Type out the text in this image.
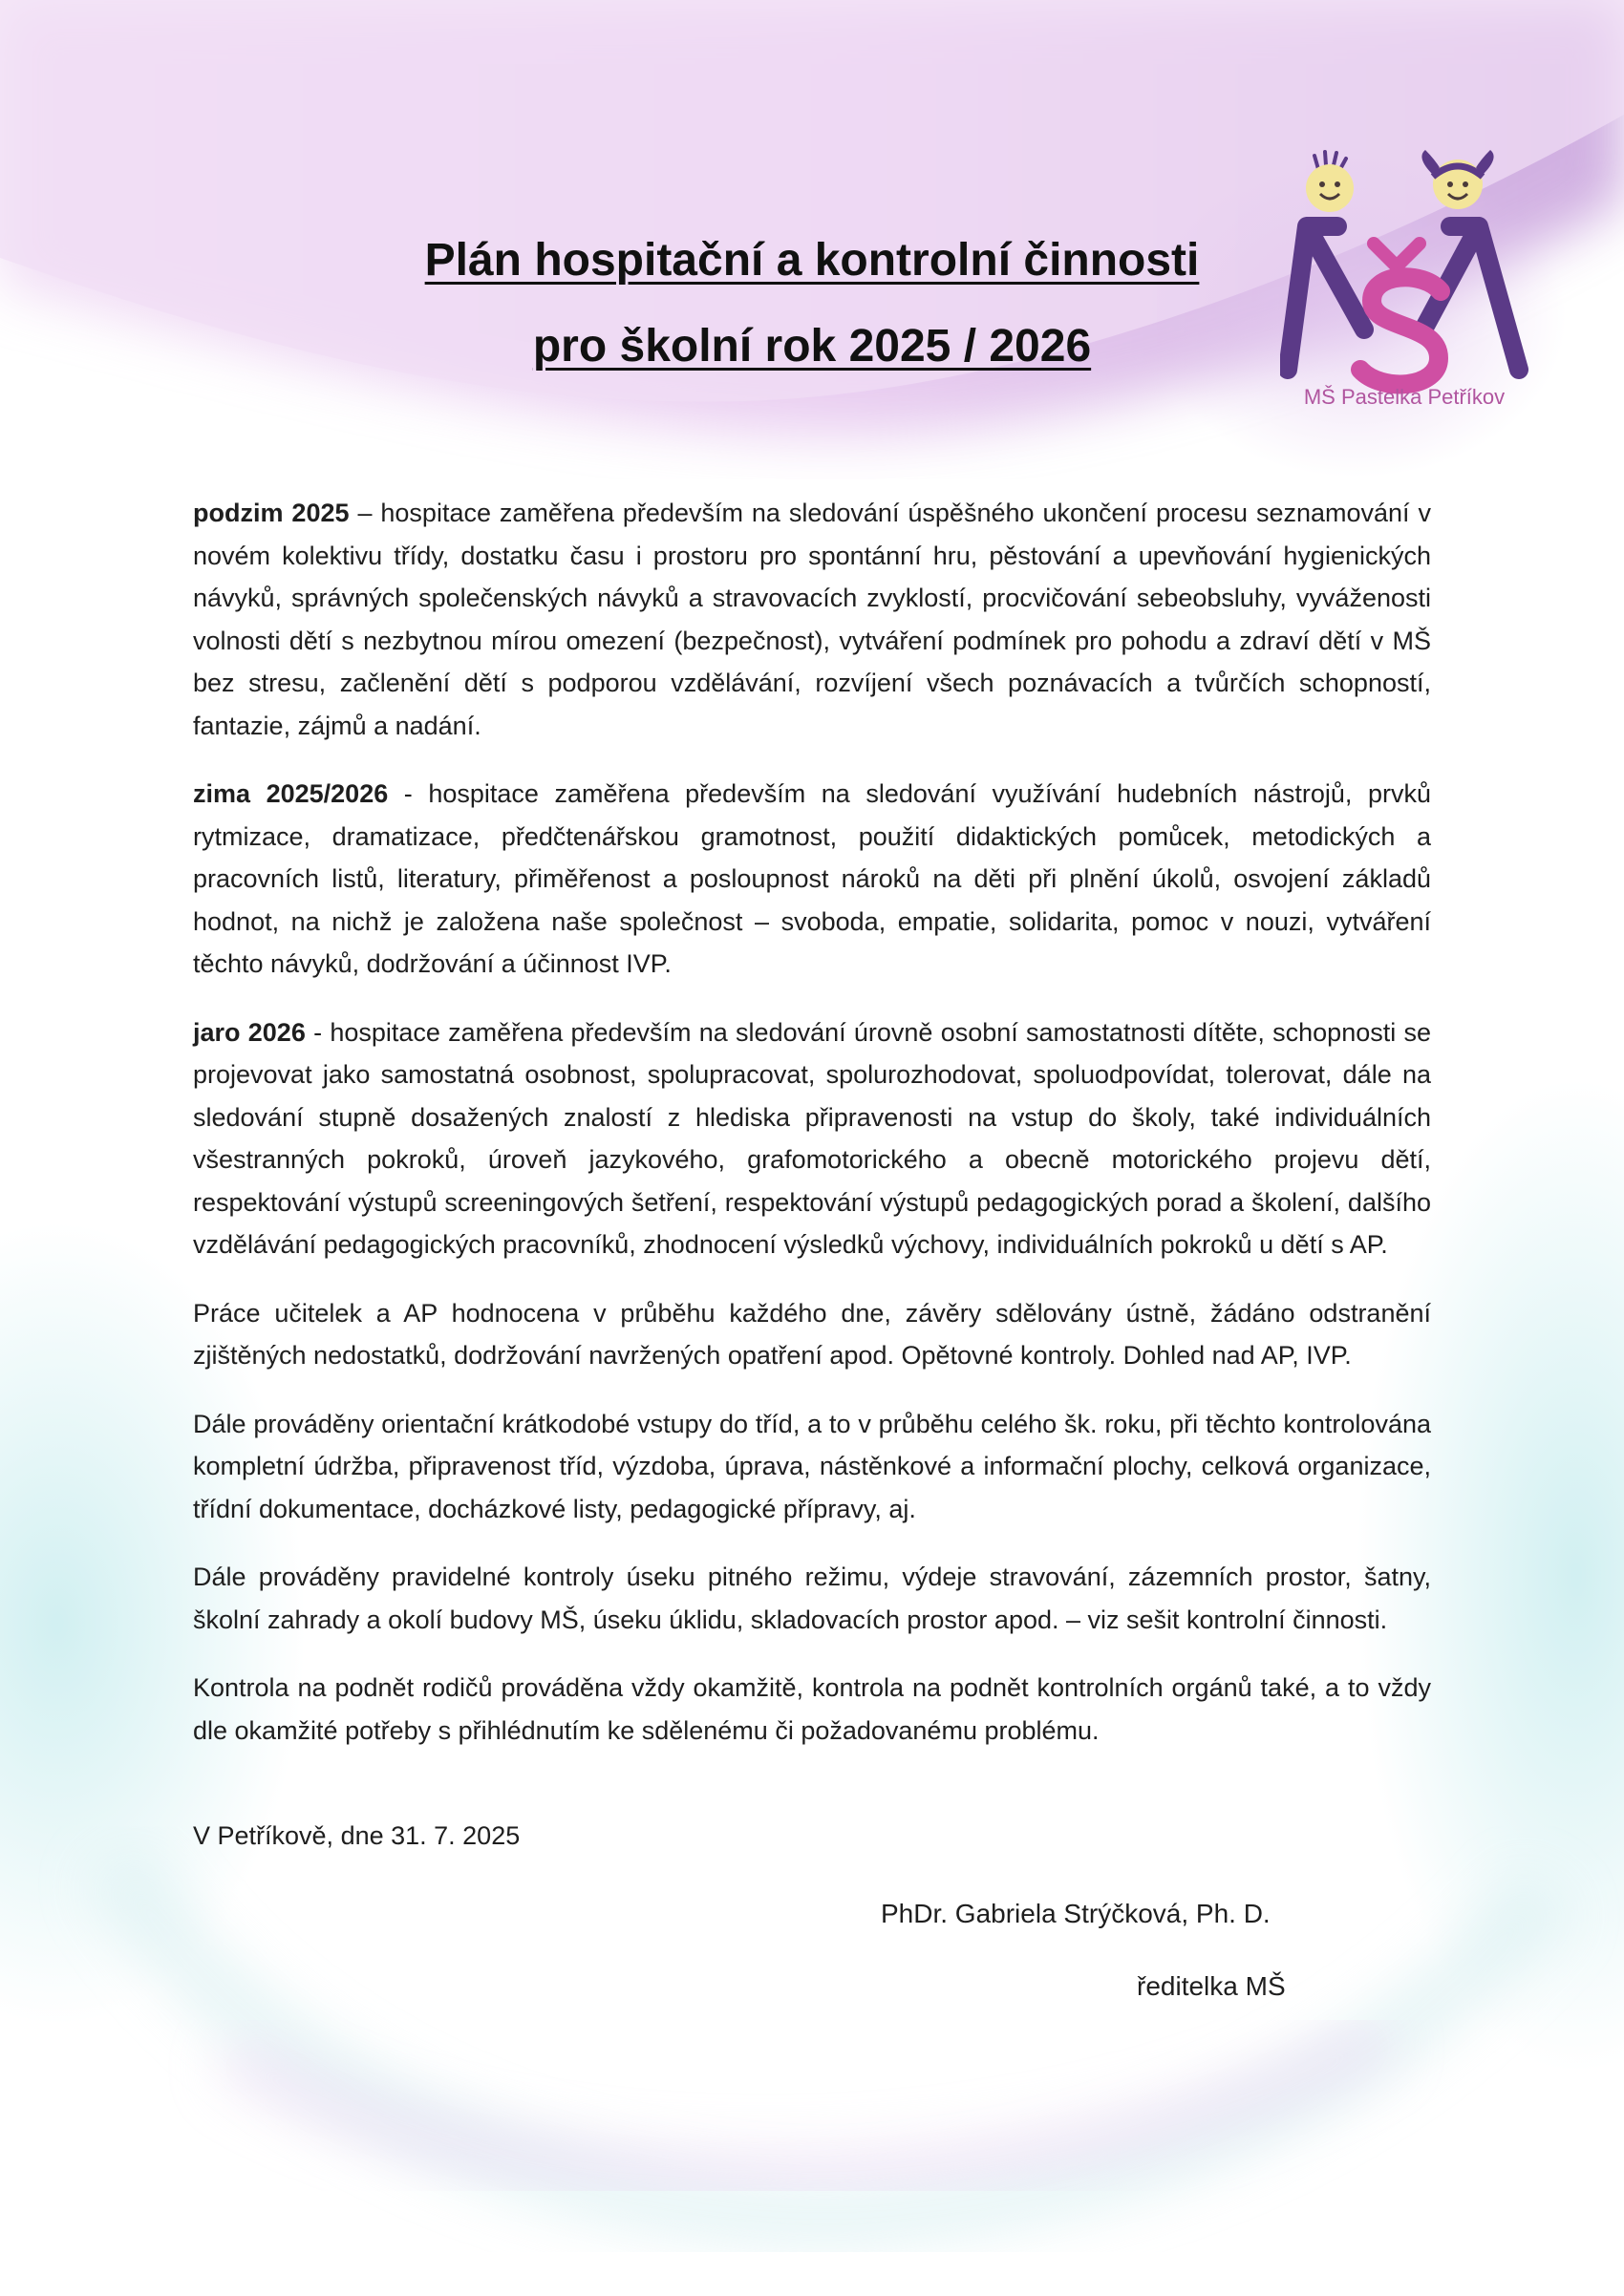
Plán hospitační a kontrolní činnosti
pro školní rok 2025 / 2026
MŠ Pastelka Petříkov

podzim 2025 – hospitace zaměřena především na sledování úspěšného ukončení procesu seznamování v novém kolektivu třídy, dostatku času i prostoru pro spontánní hru, pěstování a upevňování hygienických návyků, správných společenských návyků a stravovacích zvyklostí, procvičování sebeobsluhy, vyváženosti volnosti dětí s nezbytnou mírou omezení (bezpečnost), vytváření podmínek pro pohodu a zdraví dětí v MŠ bez stresu, začlenění dětí s podporou vzdělávání, rozvíjení všech poznávacích a tvůrčích schopností, fantazie, zájmů a nadání.

zima 2025/2026 - hospitace zaměřena především na sledování využívání hudebních nástrojů, prvků rytmizace, dramatizace, předčtenářskou gramotnost, použití didaktických pomůcek, metodických a pracovních listů, literatury, přiměřenost a posloupnost nároků na děti při plnění úkolů, osvojení základů hodnot, na nichž je založena naše společnost – svoboda, empatie, solidarita, pomoc v nouzi, vytváření těchto návyků, dodržování a účinnost IVP.

jaro 2026 - hospitace zaměřena především na sledování úrovně osobní samostatnosti dítěte, schopnosti se projevovat jako samostatná osobnost, spolupracovat, spolurozhodovat, spoluodpovídat, tolerovat, dále na sledování stupně dosažených znalostí z hlediska připravenosti na vstup do školy, také individuálních všestranných pokroků, úroveň jazykového, grafomotorického a obecně motorického projevu dětí, respektování výstupů screeningových šetření, respektování výstupů pedagogických porad a školení, dalšího vzdělávání pedagogických pracovníků, zhodnocení výsledků výchovy, individuálních pokroků u dětí s AP.

Práce učitelek a AP hodnocena v průběhu každého dne, závěry sdělovány ústně, žádáno odstranění zjištěných nedostatků, dodržování navržených opatření apod. Opětovné kontroly. Dohled nad AP, IVP.

Dále prováděny orientační krátkodobé vstupy do tříd, a to v průběhu celého šk. roku, při těchto kontrolována kompletní údržba, připravenost tříd, výzdoba, úprava, nástěnkové a informační plochy, celková organizace, třídní dokumentace, docházkové listy, pedagogické přípravy, aj.

Dále prováděny pravidelné kontroly úseku pitného režimu, výdeje stravování, zázemních prostor, šatny, školní zahrady a okolí budovy MŠ, úseku úklidu, skladovacích prostor apod. – viz sešit kontrolní činnosti.

Kontrola na podnět rodičů prováděna vždy okamžitě, kontrola na podnět kontrolních orgánů také, a to vždy dle okamžité potřeby s přihlédnutím ke sdělenému či požadovanému problému.

V Petříkově, dne 31. 7. 2025
PhDr. Gabriela Strýčková, Ph. D.
ředitelka MŠ
